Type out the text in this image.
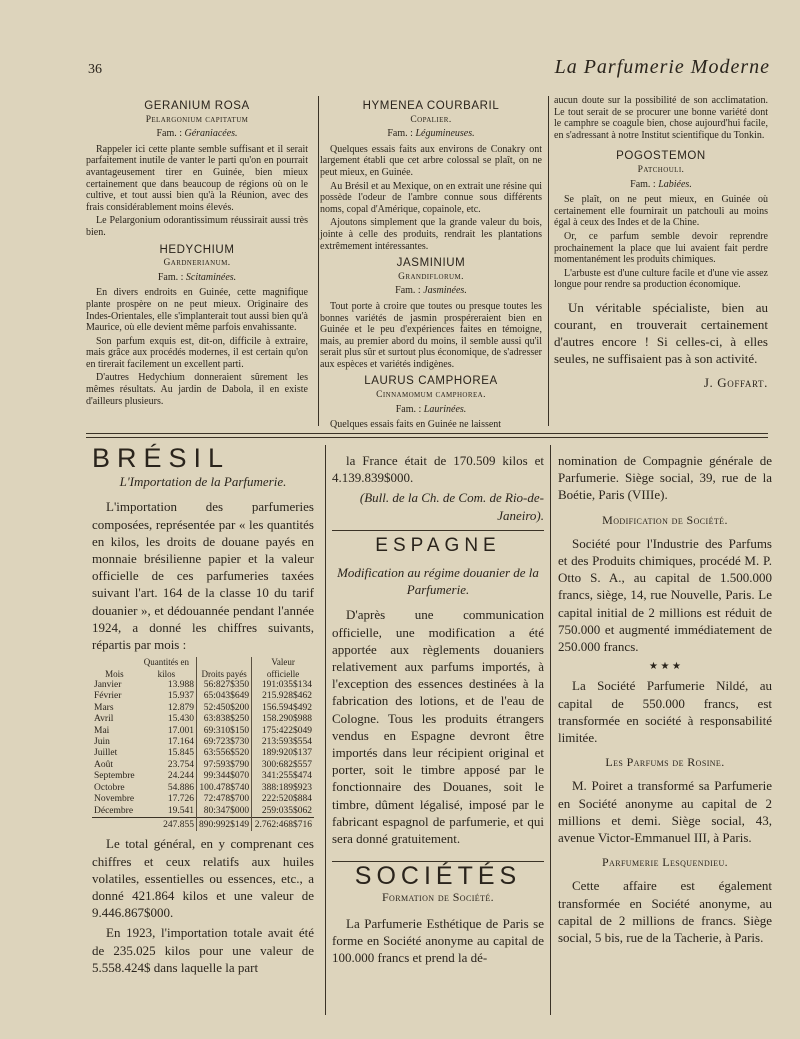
36	La Parfumerie Moderne
GERANIUM ROSA
Pelargonium capitatum
Fam. : Géraniacées.

Rappeler ici cette plante semble suffisant et il serait parfaitement inutile de vanter le parti qu'on en pourrait avantageusement tirer en Guinée, bien mieux certainement que dans beaucoup de régions où on le cultive, et tout aussi bien qu'à la Réunion, avec des frais considérablement moins élevés.

Le Pelargonium odorantissimum réussirait aussi très bien.

HEDYCHIUM
Gardnerianum.
Fam. : Scitaminées.

En divers endroits en Guinée, cette magnifique plante prospère on ne peut mieux. Originaire des Indes-Orientales, elle s'implanterait tout aussi bien qu'à Maurice, où elle devient même parfois envahissante.

Son parfum exquis est, dit-on, difficile à extraire, mais grâce aux procédés modernes, il est certain qu'on en tirerait facilement un excellent parti.

D'autres Hedychium donneraient sûrement les mêmes résultats. Au jardin de Dabola, il en existe d'ailleurs plusieurs.

HYMENEA COURBARIL
Copalier.
Fam. : Légumineuses.

Quelques essais faits aux environs de Conakry ont largement établi que cet arbre colossal se plaît, on ne peut mieux, en Guinée.

Au Brésil et au Mexique, on en extrait une résine qui possède l'odeur de l'ambre connue sous différents noms, copal d'Amérique, copainole, etc.

Ajoutons simplement que la grande valeur du bois, jointe à celle des produits, rendrait les plantations extrêmement intéressantes.

JASMINIUM
Grandiflorum.
Fam. : Jasminées.

Tout porte à croire que toutes ou presque toutes les bonnes variétés de jasmin prospéreraient bien en Guinée et le peu d'expériences faites en témoigne, mais, au premier abord du moins, il semble aussi qu'il serait plus sûr et surtout plus économique, de s'adresser aux espèces et variétés indigènes.

LAURUS CAMPHOREA
Cinnamomum camphorea.
Fam. : Laurinées.

Quelques essais faits en Guinée ne laissent

aucun doute sur la possibilité de son acclimatation. Le tout serait de se procurer une bonne variété dont le camphre se coagule bien, chose aujourd'hui facile, en s'adressant à notre Institut scientifique du Tonkin.

POGOSTEMON
Patchouli.
Fam. : Labiées.

Se plaît, on ne peut mieux, en Guinée où certainement elle fournirait un patchouli au moins égal à ceux des Indes et de la Chine.

Or, ce parfum semble devoir reprendre prochainement la place que lui avaient fait perdre momentanément les produits chimiques.

L'arbuste est d'une culture facile et d'une vie assez longue pour rendre sa production économique.

Un véritable spécialiste, bien au courant, en trouverait certainement d'autres encore ! Si celles-ci, à elles seules, ne suffisaient pas à son activité.

J. Goffart.
BRÉSIL
L'Importation de la Parfumerie.

L'importation des parfumeries composées, représentée par « les quantités en kilos, les droits de douane payés en monnaie brésilienne papier et la valeur officielle de ces parfumeries taxées suivant l'art. 164 de la classe 10 du tarif douanier », et dédouannée pendant l'année 1924, a donné les chiffres suivants, répartis par mois :

Mois	Quantités en kilos	Droits payés	Valeur officielle
Janvier	13.988	56:827$350	191:035$134
Février	15.937	65:043$649	215.928$462
Mars	12.879	52:450$200	156.594$492
Avril	15.430	63:838$250	158.290$988
Mai	17.001	69:310$150	175:422$049
Juin	17.164	69:723$730	213:593$554
Juillet	15.845	63:556$520	189:920$137
Août	23.754	97:593$790	300:682$557
Septembre	24.244	99:344$070	341:255$474
Octobre	54.886	100.478$740	388:189$923
Novembre	17.726	72:478$700	222:520$884
Décembre	19.541	80:347$000	259:035$062
	247.855	890:992$149	2.762:468$716

Le total général, en y comprenant ces chiffres et ceux relatifs aux huiles volatiles, essentielles ou essences, etc., a donné 421.864 kilos et une valeur de 9.446.867$000.

En 1923, l'importation totale avait été de 235.025 kilos pour une valeur de 5.558.424$ dans laquelle la part

la France était de 170.509 kilos et 4.139.839$000.

(Bull. de la Ch. de Com. de Rio-de-Janeiro).

ESPAGNE
Modification au régime douanier de la Parfumerie.

D'après une communication officielle, une modification a été apportée aux règlements douaniers relativement aux parfums importés, à l'exception des essences destinées à la fabrication des lotions, et de l'eau de Cologne. Tous les produits étrangers vendus en Espagne devront être importés dans leur récipient original et porter, soit le timbre apposé par le fonctionnaire des Douanes, soit le timbre, dûment légalisé, imposé par le fabricant espagnol de parfumerie, et qui sera donné gratuitement.

SOCIÉTÉS
Formation de Société.

La Parfumerie Esthétique de Paris se forme en Société anonyme au capital de 100.000 francs et prend la dé-

nomination de Compagnie générale de Parfumerie. Siège social, 39, rue de la Boétie, Paris (VIIIe).

Modification de Société.

Société pour l'Industrie des Parfums et des Produits chimiques, procédé M. P. Otto S. A., au capital de 1.500.000 francs, siège, 14, rue Nouvelle, Paris. Le capital initial de 2 millions est réduit de 750.000 et augmenté immédiatement de 250.000 francs.

★ ★ ★

La Société Parfumerie Nildé, au capital de 550.000 francs, est transformée en société à responsabilité limitée.

Les Parfums de Rosine.

M. Poiret a transformé sa Parfumerie en Société anonyme au capital de 2 millions et demi. Siège social, 43, avenue Victor-Emmanuel III, à Paris.

Parfumerie Lesquendieu.

Cette affaire est également transformée en Société anonyme, au capital de 2 millions de francs. Siège social, 5 bis, rue de la Tacherie, à Paris.
